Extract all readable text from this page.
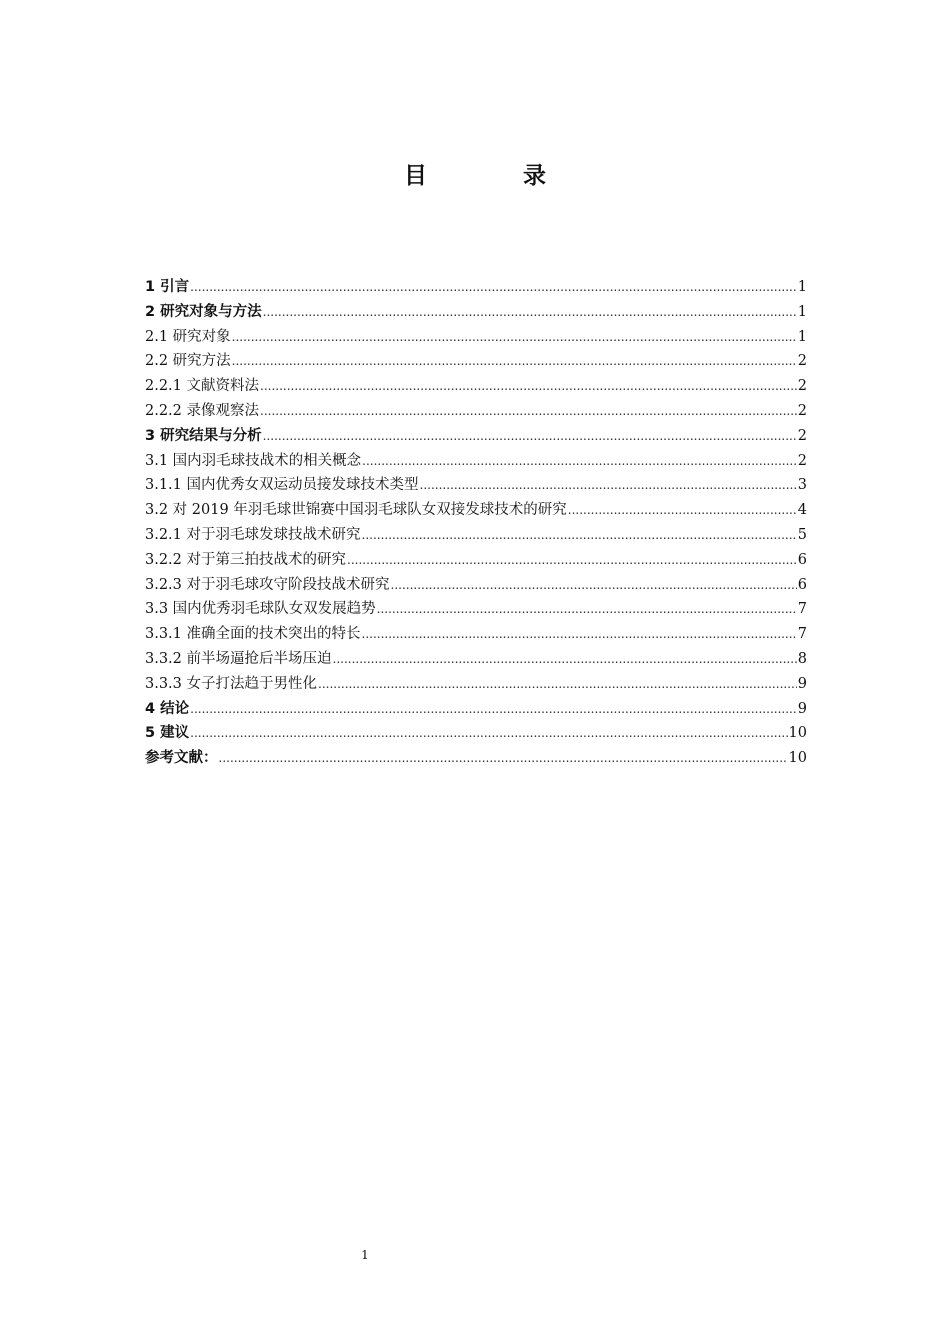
目 录
1 引言 .....	1
2 研究对象与方法 .....	1
2.1 研究对象 .....	1
2.2 研究方法 .....	2
2.2.1 文献资料法 .....	2
2.2.2 录像观察法 .....	2
3 研究结果与分析 .....	2
3.1 国内羽毛球技战术的相关概念 .....	2
3.1.1 国内优秀女双运动员接发球技术类型 .....	3
3.2 对 2019 年羽毛球世锦赛中国羽毛球队女双接发球技术的研究 .....	4
3.2.1 对于羽毛球发球技战术研究 .....	5
3.2.2 对于第三拍技战术的研究 .....	6
3.2.3 对于羽毛球攻守阶段技战术研究 .....	6
3.3 国内优秀羽毛球队女双发展趋势 .....	7
3.3.1 准确全面的技术突出的特长 .....	7
3.3.2 前半场逼抢后半场压迫 .....	8
3.3.3 女子打法趋于男性化 .....	9
4 结论 .....	9
5 建议 .....	10
参考文献： .....	10
1
